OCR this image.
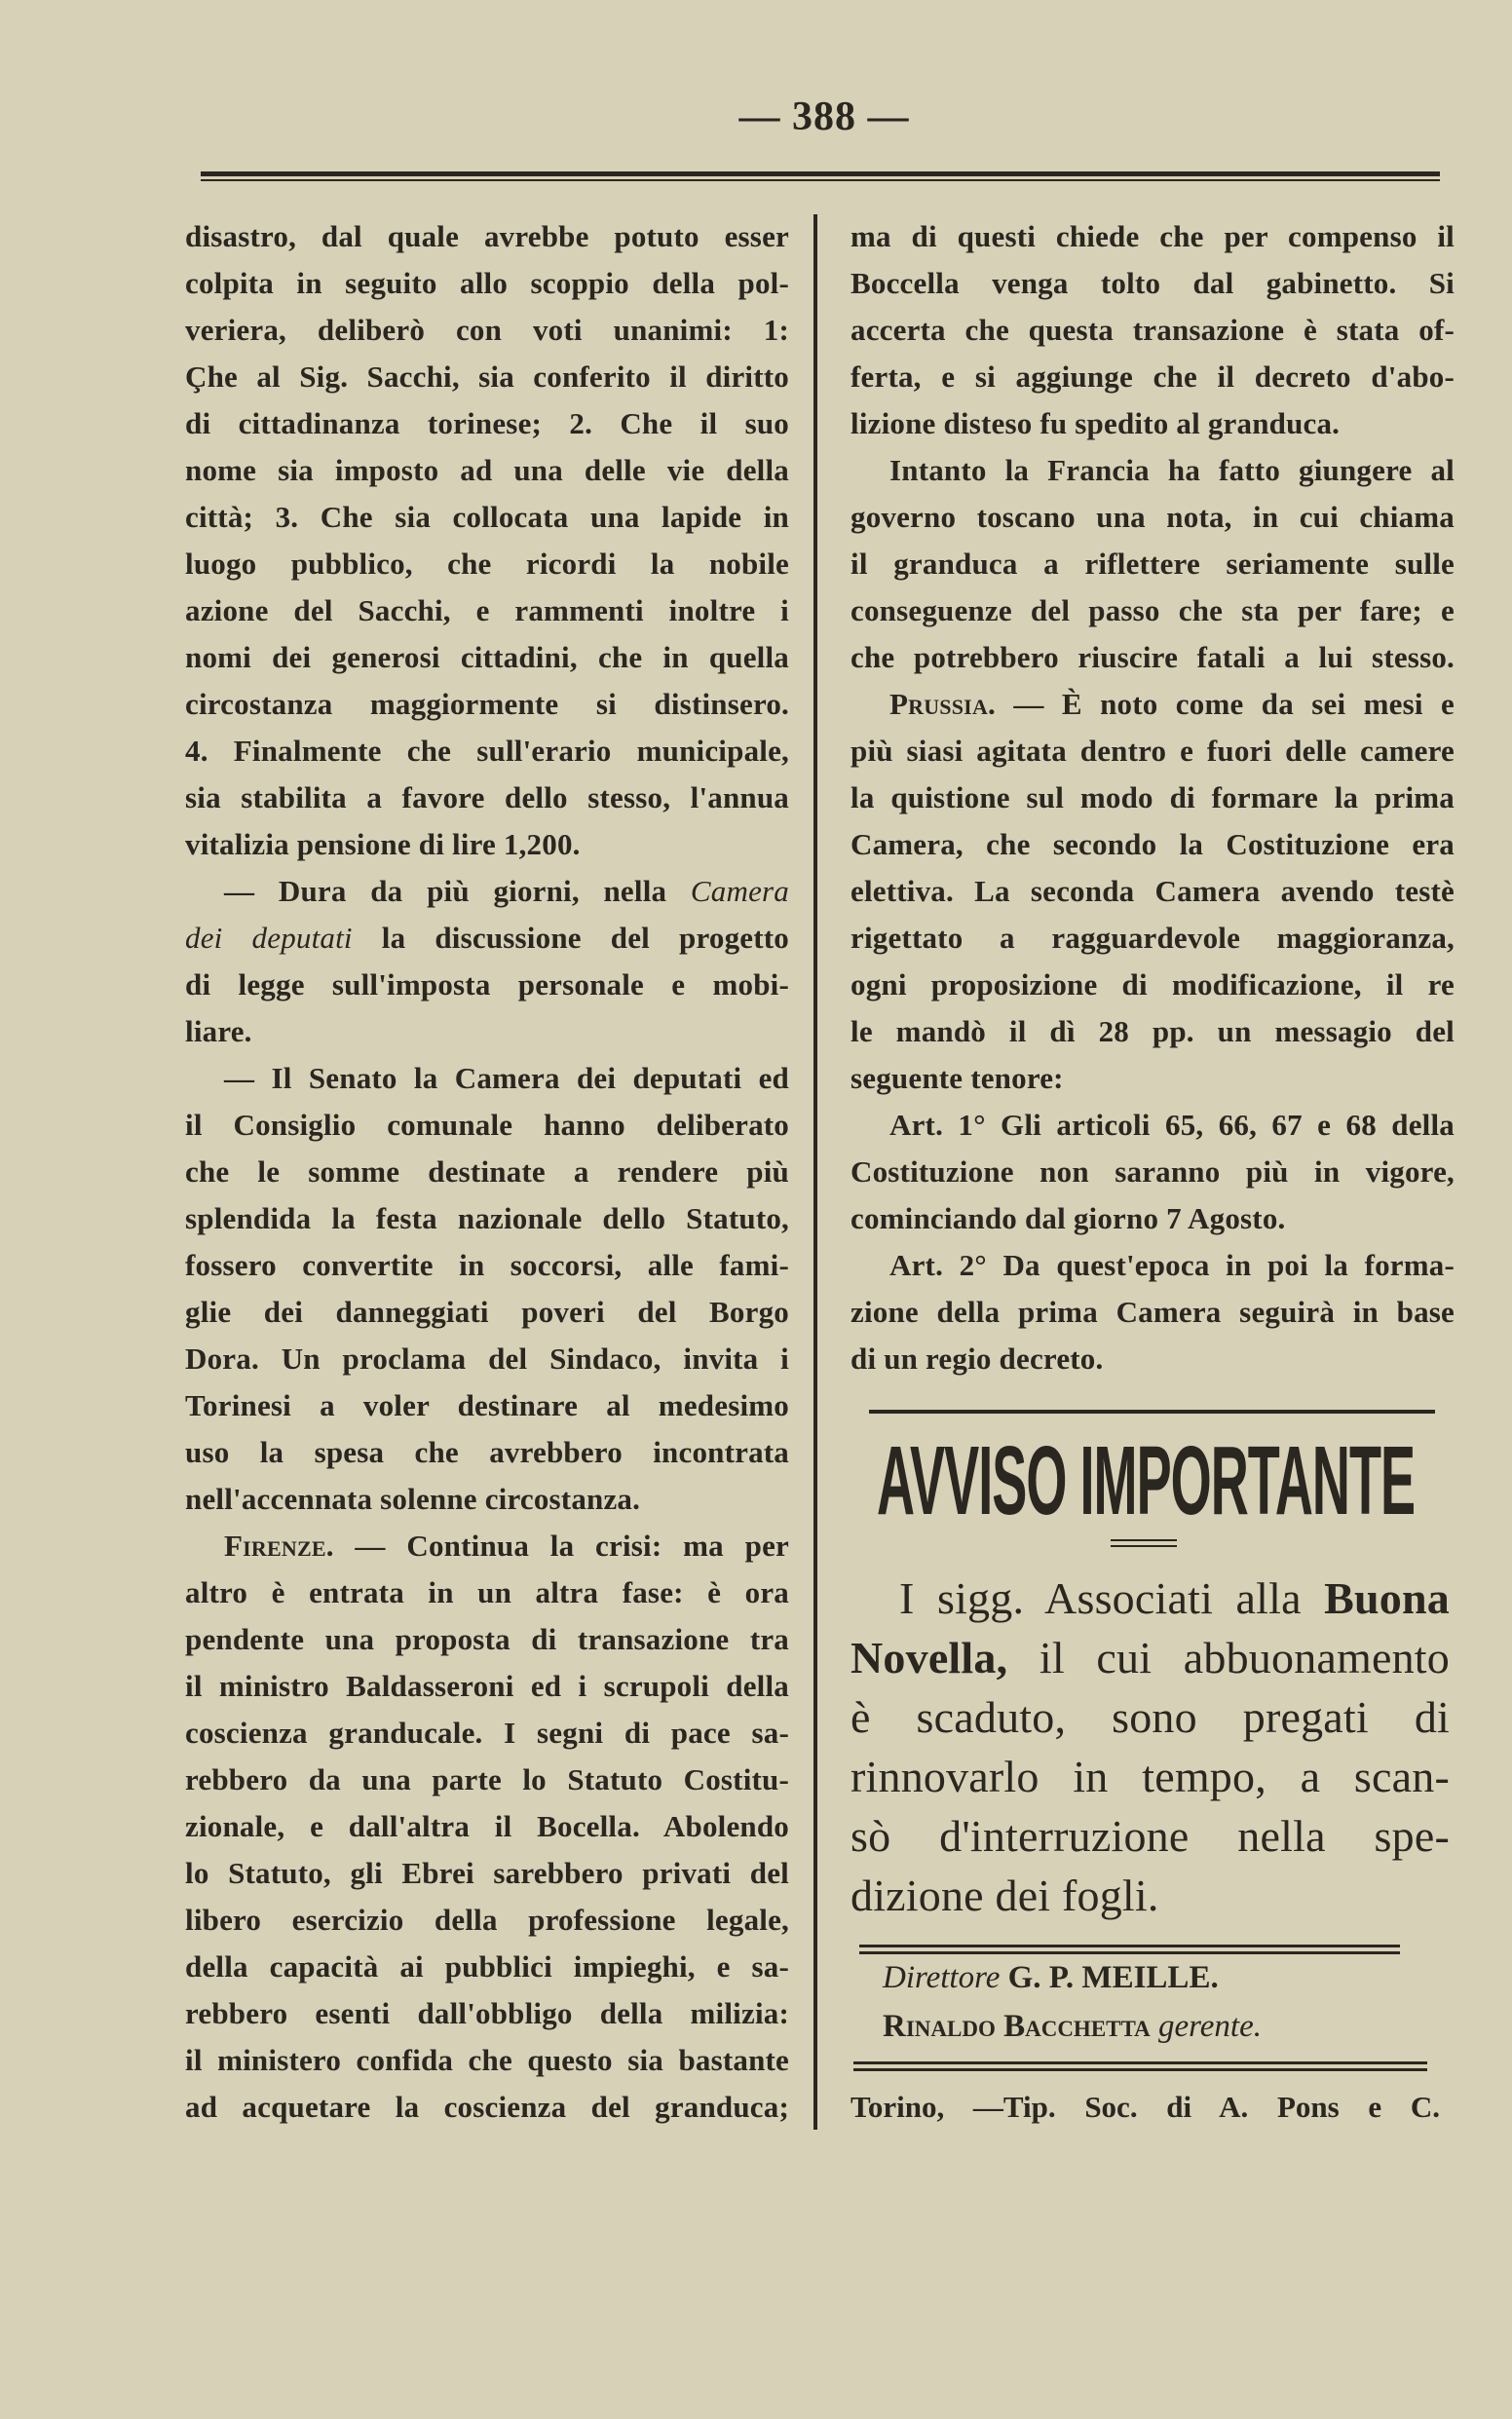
— 388 —
disastro, dal quale avrebbe potuto esser
colpita in seguito allo scoppio della pol-
veriera, deliberò con voti unanimi: 1:
Çhe al Sig. Sacchi, sia conferito il diritto
di cittadinanza torinese; 2. Che il suo
nome sia imposto ad una delle vie della
città; 3. Che sia collocata una lapide in
luogo pubblico, che ricordi la nobile
azione del Sacchi, e rammenti inoltre i
nomi dei generosi cittadini, che in quella
circostanza maggiormente si distinsero.
4. Finalmente che sull'erario municipale,
sia stabilita a favore dello stesso, l'annua
vitalizia pensione di lire 1,200.
— Dura da più giorni, nella Camera
dei deputati la discussione del progetto
di legge sull'imposta personale e mobi-
liare.
— Il Senato la Camera dei deputati ed
il Consiglio comunale hanno deliberato
che le somme destinate a rendere più
splendida la festa nazionale dello Statuto,
fossero convertite in soccorsi, alle fami-
glie dei danneggiati poveri del Borgo
Dora. Un proclama del Sindaco, invita i
Torinesi a voler destinare al medesimo
uso la spesa che avrebbero incontrata
nell'accennata solenne circostanza.
Firenze. — Continua la crisi: ma per
altro è entrata in un altra fase: è ora
pendente una proposta di transazione tra
il ministro Baldasseroni ed i scrupoli della
coscienza granducale. I segni di pace sa-
rebbero da una parte lo Statuto Costitu-
zionale, e dall'altra il Bocella. Abolendo
lo Statuto, gli Ebrei sarebbero privati del
libero esercizio della professione legale,
della capacità ai pubblici impieghi, e sa-
rebbero esenti dall'obbligo della milizia:
il ministero confida che questo sia bastante
ad acquetare la coscienza del granduca;
ma di questi chiede che per compenso il
Boccella venga tolto dal gabinetto. Si
accerta che questa transazione è stata of-
ferta, e si aggiunge che il decreto d'abo-
lizione disteso fu spedito al granduca.
Intanto la Francia ha fatto giungere al
governo toscano una nota, in cui chiama
il granduca a riflettere seriamente sulle
conseguenze del passo che sta per fare; e
che potrebbero riuscire fatali a lui stesso.
Prussia. — È noto come da sei mesi e
più siasi agitata dentro e fuori delle camere
la quistione sul modo di formare la prima
Camera, che secondo la Costituzione era
elettiva. La seconda Camera avendo testè
rigettato a ragguardevole maggioranza,
ogni proposizione di modificazione, il re
le mandò il dì 28 pp. un messagio del
seguente tenore:
Art. 1° Gli articoli 65, 66, 67 e 68 della
Costituzione non saranno più in vigore,
cominciando dal giorno 7 Agosto.
Art. 2° Da quest'epoca in poi la forma-
zione della prima Camera seguirà in base
di un regio decreto.
AVVISO IMPORTANTE
I sigg. Associati alla Buona
Novella, il cui abbuonamento
è scaduto, sono pregati di
rinnovarlo in tempo, a scan-
sò d'interruzione nella spe-
dizione dei fogli.
Direttore G. P. MEILLE.
Rinaldo Bacchetta gerente.
Torino, —Tip. Soc. di A. Pons e C.
